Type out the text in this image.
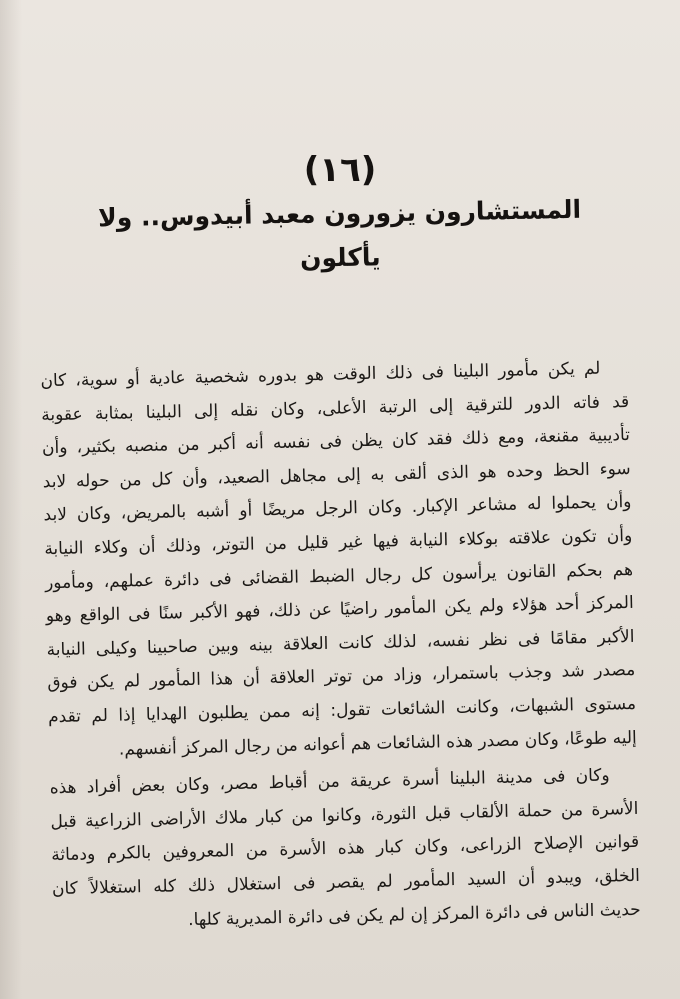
(١٦)
المستشارون يزورون معبد أبيدوس.. ولا يأكلون
لم يكن مأمور البلينا فى ذلك الوقت هو بدوره شخصية عادية أو سوية، كان
قد فاته الدور للترقية إلى الرتبة الأعلى، وكان نقله إلى البلينا بمثابة عقوبة
تأديبية مقنعة، ومع ذلك فقد كان يظن فى نفسه أنه أكبر من منصبه بكثير، وأن
سوء الحظ وحده هو الذى ألقى به إلى مجاهل الصعيد، وأن كل من حوله لابد
وأن يحملوا له مشاعر الإكبار. وكان الرجل مريضًا أو أشبه بالمريض، وكان لابد
وأن تكون علاقته بوكلاء النيابة فيها غير قليل من التوتر، وذلك أن وكلاء النيابة
هم بحكم القانون يرأسون كل رجال الضبط القضائى فى دائرة عملهم، ومأمور
المركز أحد هؤلاء ولم يكن المأمور راضيًا عن ذلك، فهو الأكبر سنًا فى الواقع وهو
الأكبر مقامًا فى نظر نفسه، لذلك كانت العلاقة بينه وبين صاحبينا وكيلى النيابة
مصدر شد وجذب باستمرار، وزاد من توتر العلاقة أن هذا المأمور لم يكن فوق
مستوى الشبهات، وكانت الشائعات تقول: إنه ممن يطلبون الهدايا إذا لم تقدم
إليه طوعًا، وكان مصدر هذه الشائعات هم أعوانه من رجال المركز أنفسهم.
وكان فى مدينة البلينا أسرة عريقة من أقباط مصر، وكان بعض أفراد هذه
الأسرة من حملة الألقاب قبل الثورة، وكانوا من كبار ملاك الأراضى الزراعية قبل
قوانين الإصلاح الزراعى، وكان كبار هذه الأسرة من المعروفين بالكرم ودماثة
الخلق، ويبدو أن السيد المأمور لم يقصر فى استغلال ذلك كله استغلالاً كان
حديث الناس فى دائرة المركز إن لم يكن فى دائرة المديرية كلها.
